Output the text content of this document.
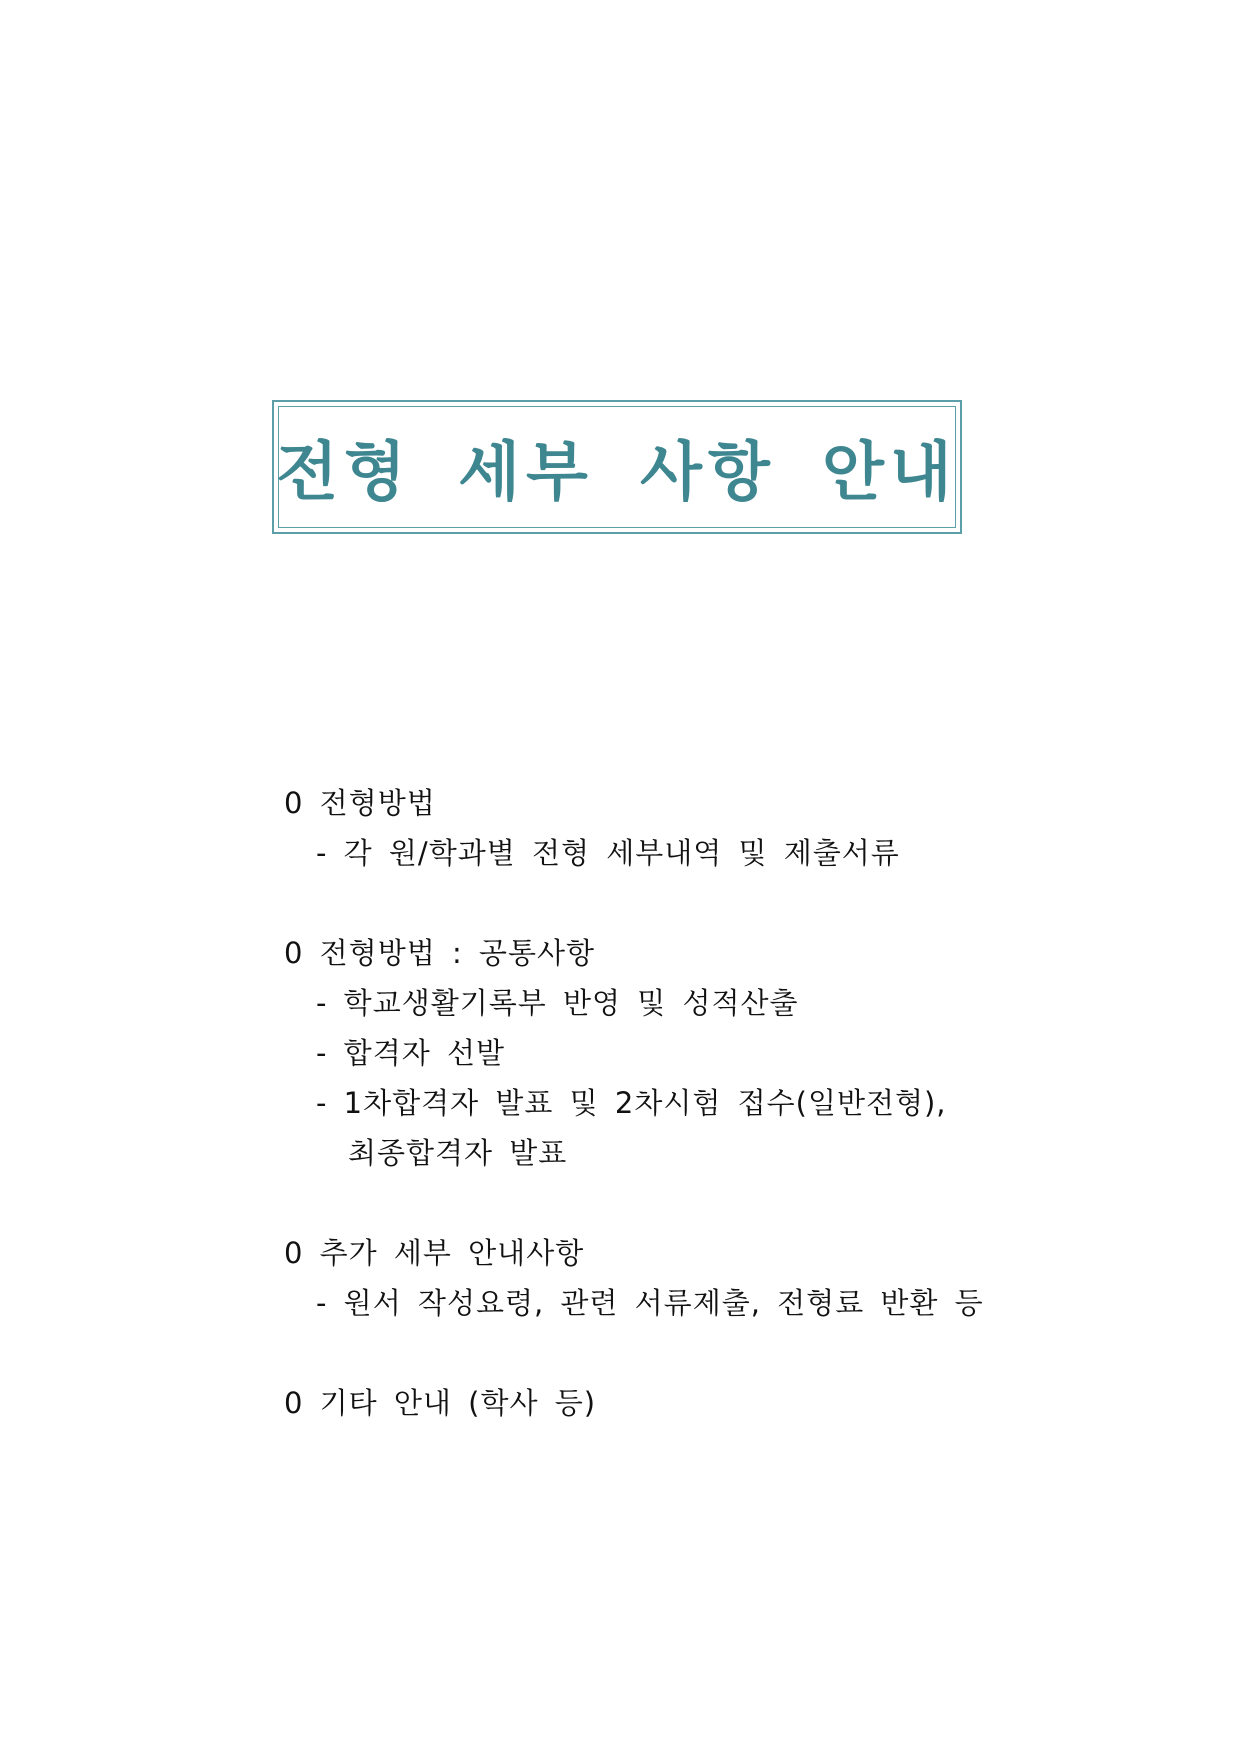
전형 세부 사항 안내
0 전형방법
- 각 원/학과별 전형 세부내역 및 제출서류
0 전형방법 : 공통사항
- 학교생활기록부 반영 및 성적산출
- 합격자 선발
- 1차합격자 발표 및 2차시험 접수(일반전형),
최종합격자 발표
0 추가 세부 안내사항
- 원서 작성요령, 관련 서류제출, 전형료 반환 등
0 기타 안내 (학사 등)
